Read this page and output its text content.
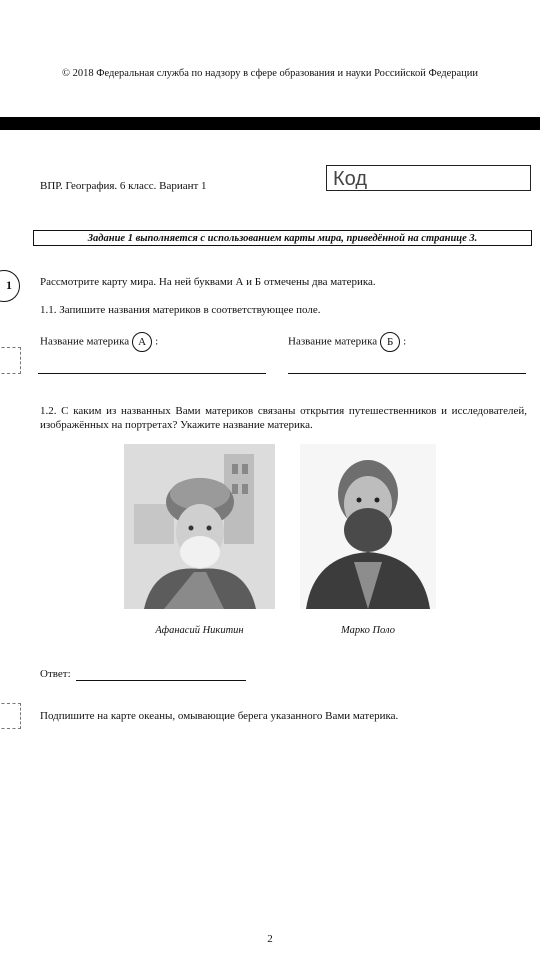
© 2018 Федеральная служба по надзору в сфере образования и науки Российской Федерации
ВПР. География. 6 класс. Вариант 1	Код
Задание 1 выполняется с использованием карты мира, приведённой на странице 3.
1	Рассмотрите карту мира. На ней буквами А и Б отмечены два материка.
1.1. Запишите названия материков в соответствующее поле.
Название материка А :	Название материка Б :
1.2. С каким из названных Вами материков связаны открытия путешественников и исследователей, изображённых на портретах? Укажите название материка.
Афанасий Никитин	Марко Поло
Ответ:
Подпишите на карте океаны, омывающие берега указанного Вами материка.
2
